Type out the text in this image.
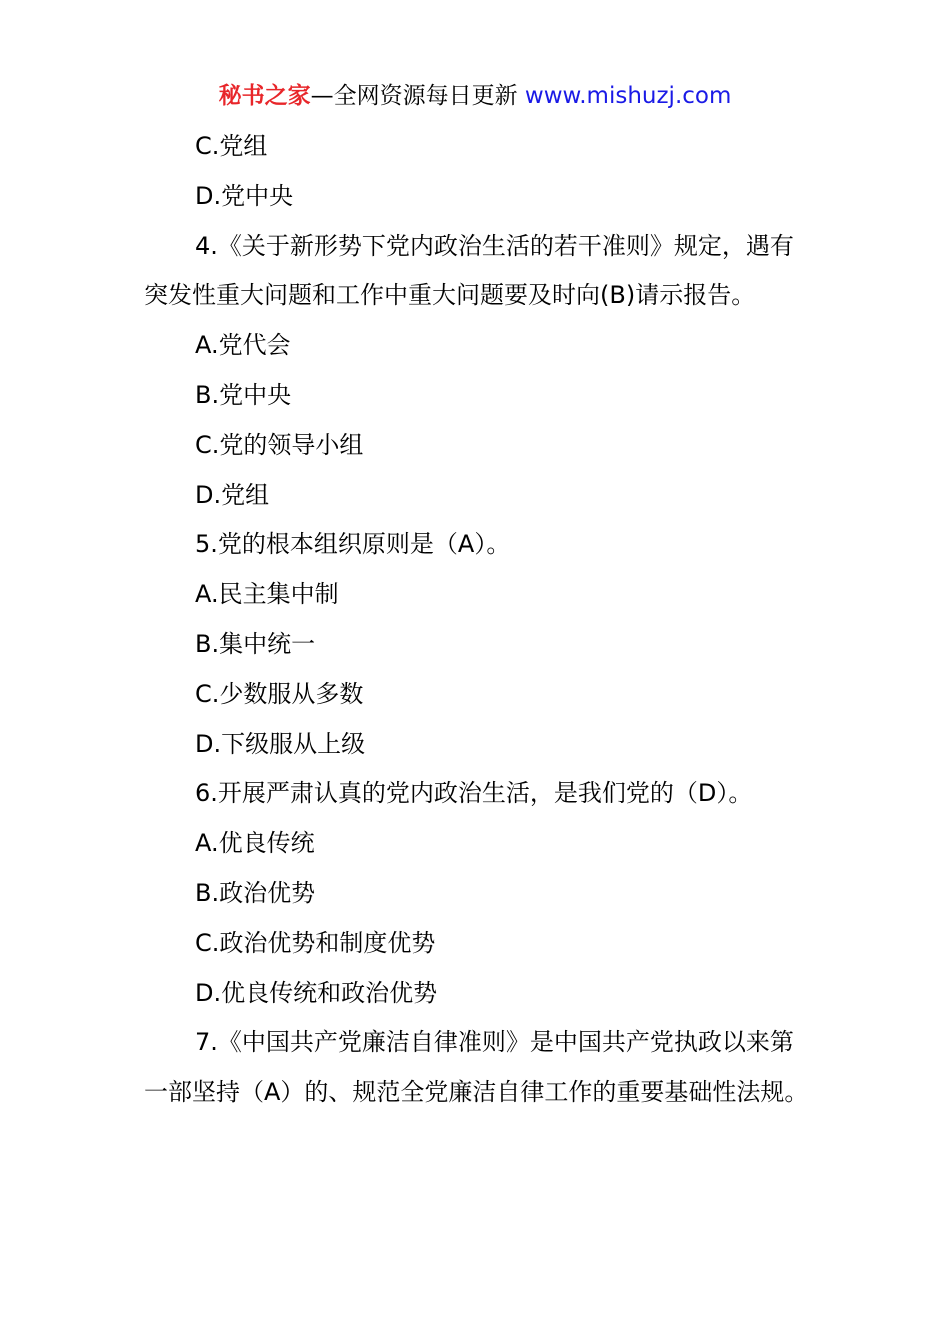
秘书之家—全网资源每日更新 www.mishuzj.com

C.党组

D.党中央

4.《关于新形势下党内政治生活的若干准则》规定，遇有突发性重大问题和工作中重大问题要及时向(B)请示报告。

A.党代会

B.党中央

C.党的领导小组

D.党组

5.党的根本组织原则是（A）。

A.民主集中制

B.集中统一

C.少数服从多数

D.下级服从上级

6.开展严肃认真的党内政治生活，是我们党的（D）。

A.优良传统

B.政治优势

C.政治优势和制度优势

D.优良传统和政治优势

7.《中国共产党廉洁自律准则》是中国共产党执政以来第一部坚持（A）的、规范全党廉洁自律工作的重要基础性法规。
